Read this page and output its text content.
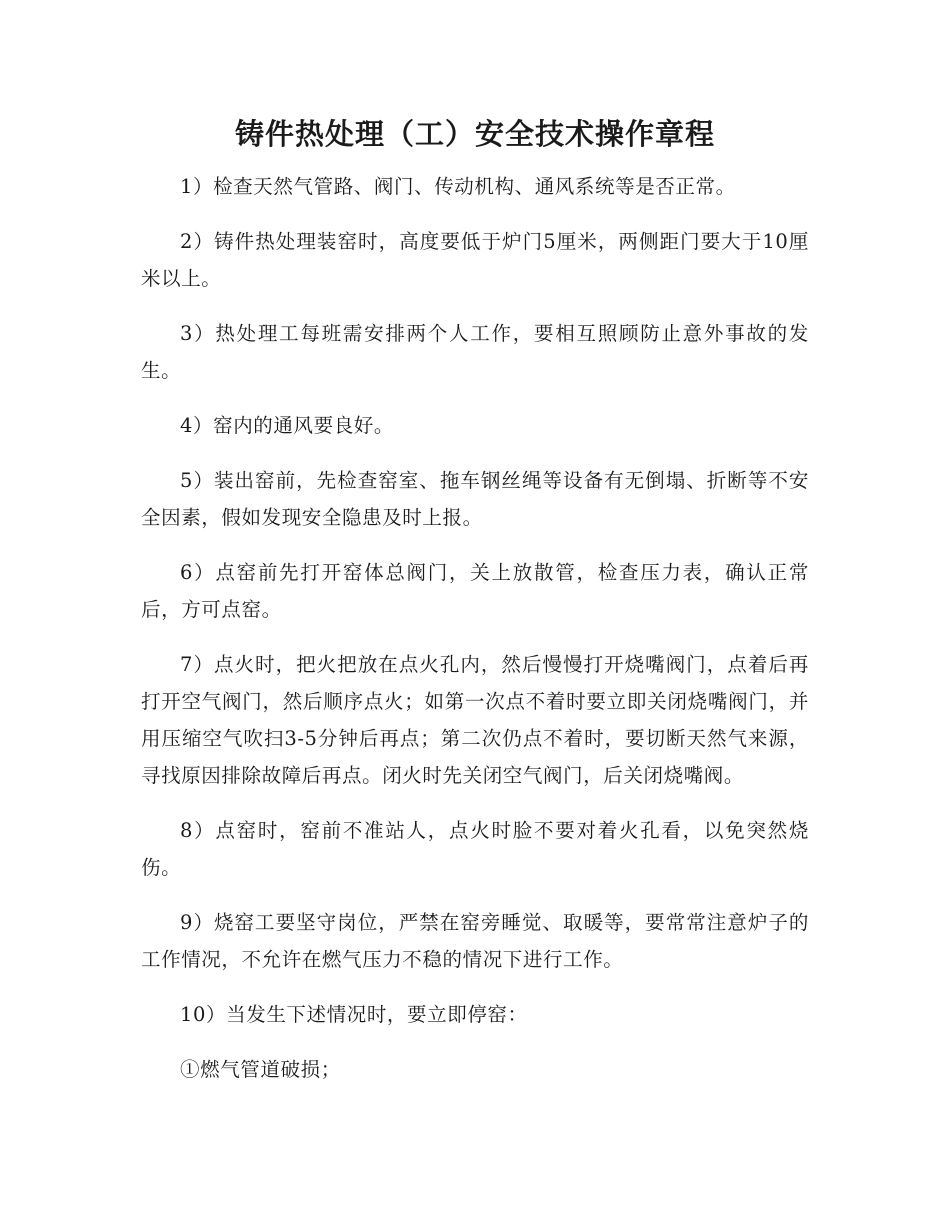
铸件热处理（工）安全技术操作章程

1）检查天然气管路、阀门、传动机构、通风系统等是否正常。

2）铸件热处理装窑时，高度要低于炉门5厘米，两侧距门要大于10厘米以上。

3）热处理工每班需安排两个人工作，要相互照顾防止意外事故的发生。

4）窑内的通风要良好。

5）装出窑前，先检查窑室、拖车钢丝绳等设备有无倒塌、折断等不安全因素，假如发现安全隐患及时上报。

6）点窑前先打开窑体总阀门，关上放散管，检查压力表，确认正常后，方可点窑。

7）点火时，把火把放在点火孔内，然后慢慢打开烧嘴阀门，点着后再打开空气阀门，然后顺序点火；如第一次点不着时要立即关闭烧嘴阀门，并用压缩空气吹扫3-5分钟后再点；第二次仍点不着时，要切断天然气来源，寻找原因排除故障后再点。闭火时先关闭空气阀门，后关闭烧嘴阀。

8）点窑时，窑前不准站人，点火时脸不要对着火孔看，以免突然烧伤。

9）烧窑工要坚守岗位，严禁在窑旁睡觉、取暖等，要常常注意炉子的工作情况，不允许在燃气压力不稳的情况下进行工作。

10）当发生下述情况时，要立即停窑：

①燃气管道破损；
